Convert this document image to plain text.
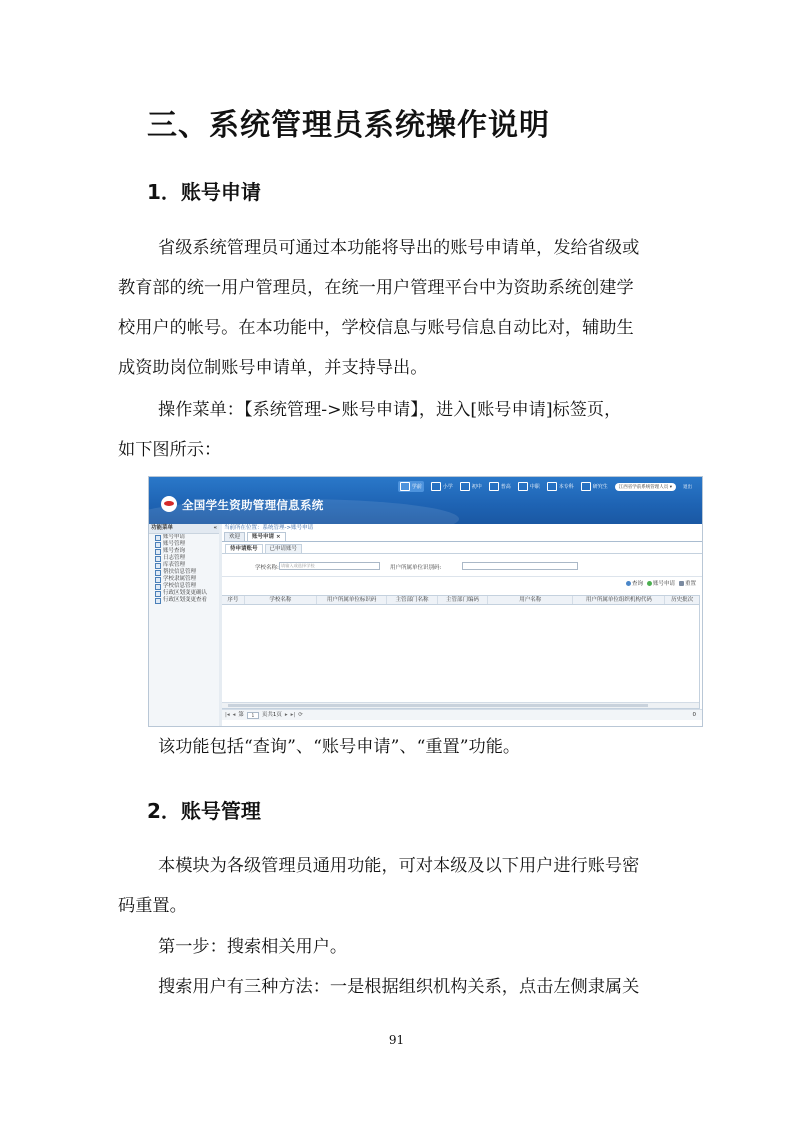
三、系统管理员系统操作说明
1．账号申请
省级系统管理员可通过本功能将导出的账号申请单，发给省级或
教育部的统一用户管理员，在统一用户管理平台中为资助系统创建学
校用户的帐号。在本功能中，学校信息与账号信息自动比对，辅助生
成资助岗位制账号申请单，并支持导出。
操作菜单：【系统管理->账号申请】，进入[账号申请]标签页，
如下图所示：
全国学生资助管理信息系统
学前	小学	初中	普高	中职	本专科	研究生	江西省学前系统管理人员 ▾	退出
功能菜单	«
账号申请
账号管理
账号查询
日志管理
库表管理
帮扶信息管理
学校隶属管理
学校信息管理
行政区划变更确认
行政区划变更查看
当前所在位置：系统管理->账号申请
欢迎	账号申请 ×
待申请账号	已申请账号
学校名称: 请输入或选择学校	用户所属单位识别码:
查询 账号申请 重置
序号	学校名称	用户所属单位标识码	主管部门名称	主管部门编码	用户名称	用户所属单位组织机构代码	历史批次
|◂ ◂ 第	1	页共1页 ▸ ▸| ⟳	0
该功能包括“查询”、“账号申请”、“重置”功能。
2．账号管理
本模块为各级管理员通用功能，可对本级及以下用户进行账号密
码重置。
第一步：搜索相关用户。
搜索用户有三种方法：一是根据组织机构关系，点击左侧隶属关
91
